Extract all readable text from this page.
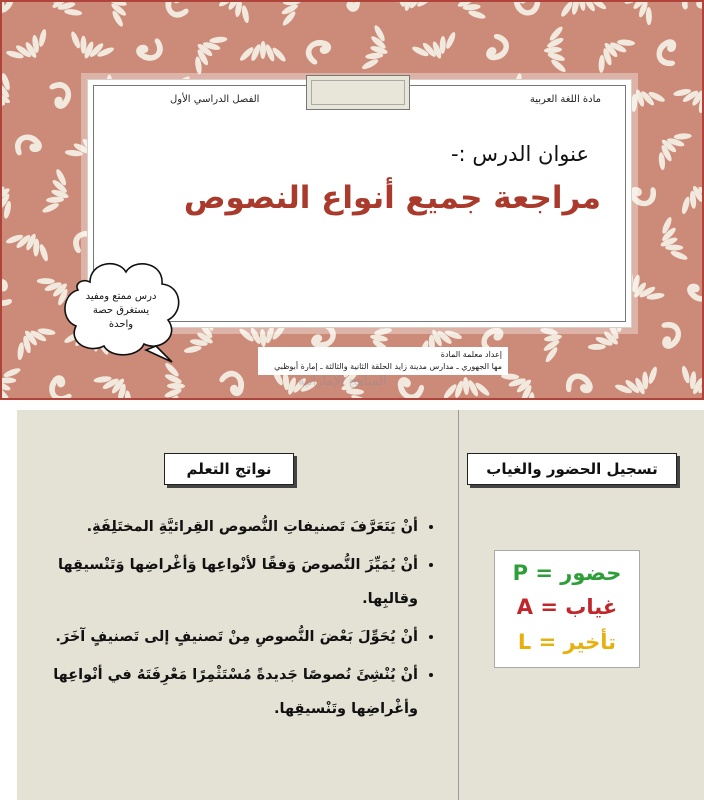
مادة اللغة العربية
الفصل الدراسي الأول
عنوان الدرس :-
مراجعة جميع أنواع النصوص
درس ممتع ومفيد
يستغرق حصة
واحدة
إعداد معلمة المادة
مها الجهوري ـ مدارس مدينة زايد الحلقة الثانية والثالثة ـ إمارة أبوظبي
المناهج الإماراتية
نواتج التعلم
• أنْ يَتَعَرَّفَ تَصنيفاتِ النُّصوص القِرائيَّةِ المختَلِفَةِ.
• أنْ يُمَيِّزَ النُّصوصَ وَفقًا لأنْواعِها وَأغْراضِها وَتَنْسيقِها وقالبِها.
• أنْ يُحَوِّلَ بَعْضَ النُّصوصِ مِنْ تَصنيفٍ إلى تَصنيفٍ آخَرَ.
• أنْ يُنْشِئَ نُصوصًا جَديدةً مُسْتَثْمِرًا مَعْرِفَتَهُ في أنْواعِها وأغْراضِها وتَنْسيقِها.
تسجيل الحضور والغياب
حضور = P
غياب = A
تأخير = L
